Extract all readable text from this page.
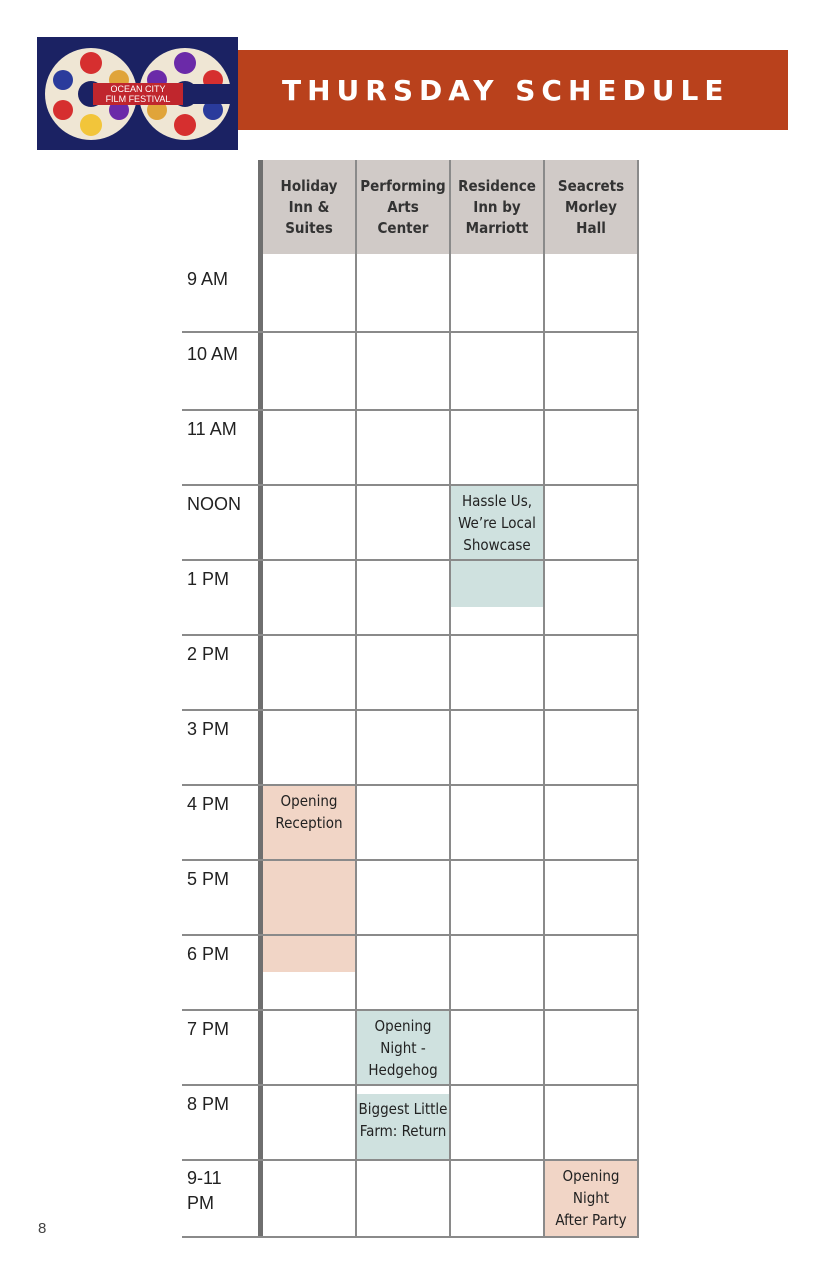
OCEAN CITY
FILM FESTIVAL	THURSDAY SCHEDULE
Holiday
Inn &
Suites
Performing
Arts
Center
Residence
Inn by
Marriott
Seacrets
Morley
Hall
Hassle Us,
We’re Local
Showcase
Opening
Reception
Opening
Night -
Hedgehog
Biggest Little
Farm: Return
Opening
Night
After Party
9 AM
10 AM
11 AM
NOON
1 PM
2 PM
3 PM
4 PM
5 PM
6 PM
7 PM
8 PM
9-11
PM
8
